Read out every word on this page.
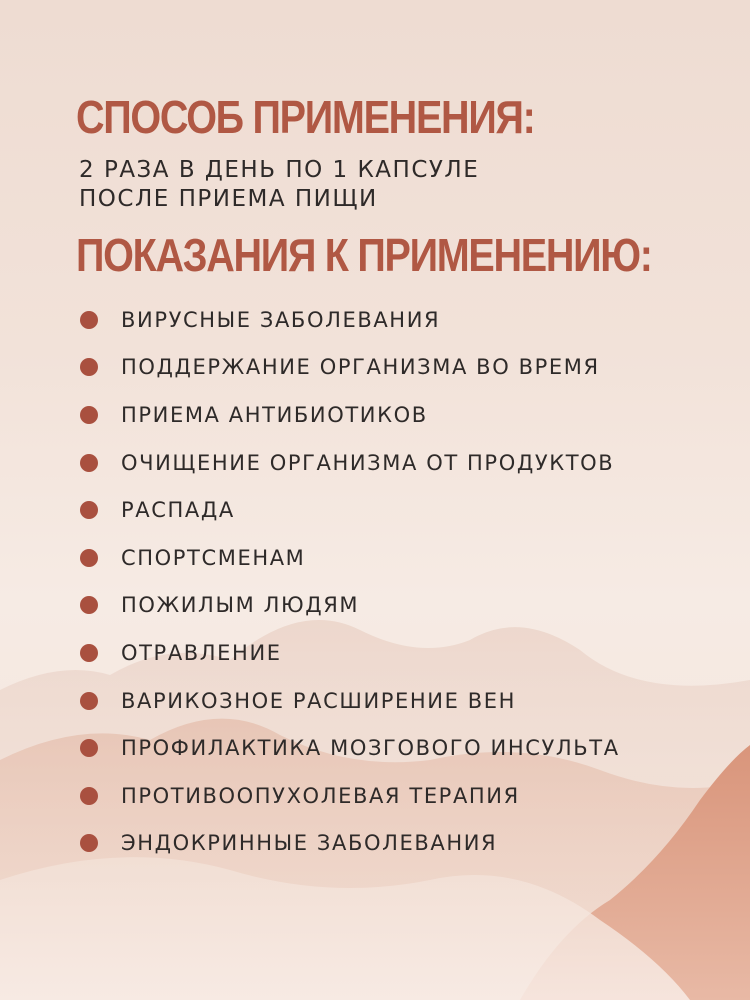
СПОСОБ ПРИМЕНЕНИЯ:
2 РАЗА В ДЕНЬ ПО 1 КАПСУЛЕ
ПОСЛЕ ПРИЕМА ПИЩИ
ПОКАЗАНИЯ К ПРИМЕНЕНИЮ:
ВИРУСНЫЕ ЗАБОЛЕВАНИЯ
ПОДДЕРЖАНИЕ ОРГАНИЗМА ВО ВРЕМЯ
ПРИЕМА АНТИБИОТИКОВ
ОЧИЩЕНИЕ ОРГАНИЗМА ОТ ПРОДУКТОВ
РАСПАДА
СПОРТСМЕНАМ
ПОЖИЛЫМ ЛЮДЯМ
ОТРАВЛЕНИЕ
ВАРИКОЗНОЕ РАСШИРЕНИЕ ВЕН
ПРОФИЛАКТИКА МОЗГОВОГО ИНСУЛЬТА
ПРОТИВООПУХОЛЕВАЯ ТЕРАПИЯ
ЭНДОКРИННЫЕ ЗАБОЛЕВАНИЯ
